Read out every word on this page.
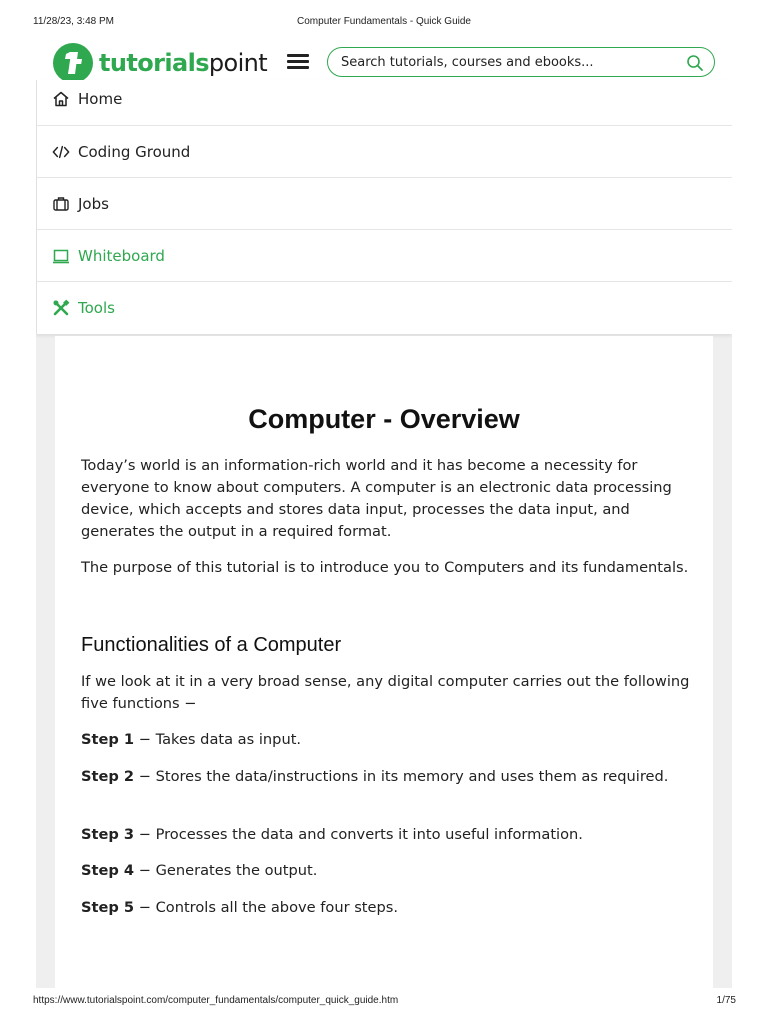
11/28/23, 3:48 PM	Computer Fundamentals - Quick Guide
tutorialspoint
Search tutorials, courses and ebooks...
Home
Coding Ground
Jobs
Whiteboard
Tools
Computer - Overview

Today’s world is an information-rich world and it has become a necessity for everyone to know about computers. A computer is an electronic data processing device, which accepts and stores data input, processes the data input, and generates the output in a required format.

The purpose of this tutorial is to introduce you to Computers and its fundamentals.

Functionalities of a Computer

If we look at it in a very broad sense, any digital computer carries out the following five functions −

Step 1 − Takes data as input.

Step 2 − Stores the data/instructions in its memory and uses them as required.

Step 3 − Processes the data and converts it into useful information.

Step 4 − Generates the output.

Step 5 − Controls all the above four steps.

https://www.tutorialspoint.com/computer_fundamentals/computer_quick_guide.htm	1/75
